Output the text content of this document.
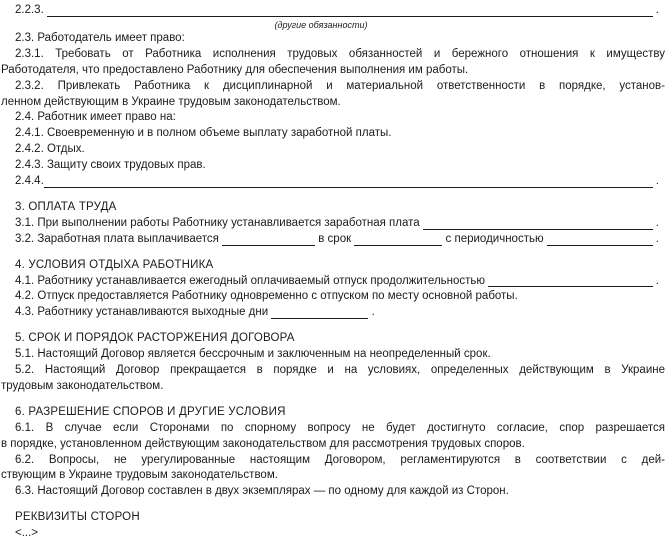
2.2.3.	.
(другие обязанности)
2.3. Работодатель имеет право:
2.3.1. Требовать от Работника исполнения трудовых обязанностей и бережного отношения к имуществу
Работодателя, что предоставлено Работнику для обеспечения выполнения им работы.
2.3.2. Привлекать Работника к дисциплинарной и материальной ответственности в порядке, установ-
ленном действующим в Украине трудовым законодательством.
2.4. Работник имеет право на:
2.4.1. Своевременную и в полном объеме выплату заработной платы.
2.4.2. Отдых.
2.4.3. Защиту своих трудовых прав.
2.4.4.	.
3. ОПЛАТА ТРУДА
3.1. При выполнении работы Работнику устанавливается заработная плата	.
3.2. Заработная плата выплачивается	в срок	с периодичностью	.
4. УСЛОВИЯ ОТДЫХА РАБОТНИКА
4.1. Работнику устанавливается ежегодный оплачиваемый отпуск продолжительностью	.
4.2. Отпуск предоставляется Работнику одновременно с отпуском по месту основной работы.
4.3. Работнику устанавливаются выходные дни	.
5. СРОК И ПОРЯДОК РАСТОРЖЕНИЯ ДОГОВОРА
5.1. Настоящий Договор является бессрочным и заключенным на неопределенный срок.
5.2. Настоящий Договор прекращается в порядке и на условиях, определенных действующим в Украине
трудовым законодательством.
6. РАЗРЕШЕНИЕ СПОРОВ И ДРУГИЕ УСЛОВИЯ
6.1. В случае если Сторонами по спорному вопросу не будет достигнуто согласие, спор разрешается
в порядке, установленном действующим законодательством для рассмотрения трудовых споров.
6.2. Вопросы, не урегулированные настоящим Договором, регламентируются в соответствии с дей-
ствующим в Украине трудовым законодательством.
6.3. Настоящий Договор составлен в двух экземплярах — по одному для каждой из Сторон.
РЕКВИЗИТЫ СТОРОН
<...>
